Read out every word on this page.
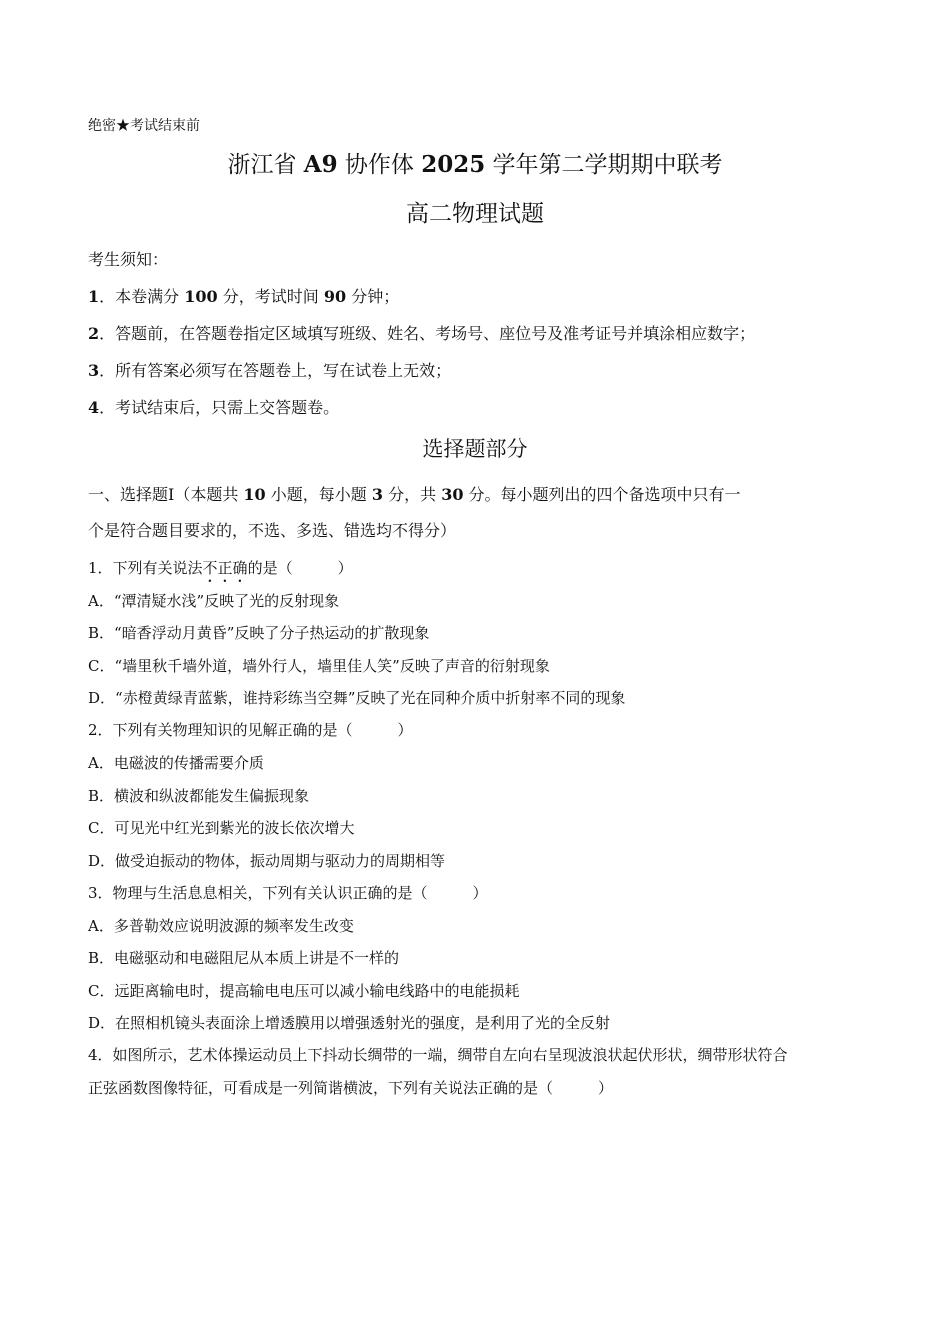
绝密★考试结束前
浙江省 A9 协作体 2025 学年第二学期期中联考
高二物理试题
考生须知：
1．本卷满分 100 分，考试时间 90 分钟；
2．答题前，在答题卷指定区域填写班级、姓名、考场号、座位号及准考证号并填涂相应数字；
3．所有答案必须写在答题卷上，写在试卷上无效；
4．考试结束后，只需上交答题卷。
选择题部分
一、选择题Ⅰ（本题共 10 小题，每小题 3 分，共 30 分。每小题列出的四个备选项中只有一
个是符合题目要求的，不选、多选、错选均不得分）
1．下列有关说法不正确的是（　　　）
A．“潭清疑水浅”反映了光的反射现象
B．“暗香浮动月黄昏”反映了分子热运动的扩散现象
C．“墙里秋千墙外道，墙外行人，墙里佳人笑”反映了声音的衍射现象
D．“赤橙黄绿青蓝紫，谁持彩练当空舞”反映了光在同种介质中折射率不同的现象
2．下列有关物理知识的见解正确的是（　　　）
A．电磁波的传播需要介质
B．横波和纵波都能发生偏振现象
C．可见光中红光到紫光的波长依次增大
D．做受迫振动的物体，振动周期与驱动力的周期相等
3．物理与生活息息相关，下列有关认识正确的是（　　　）
A．多普勒效应说明波源的频率发生改变
B．电磁驱动和电磁阻尼从本质上讲是不一样的
C．远距离输电时，提高输电电压可以减小输电线路中的电能损耗
D．在照相机镜头表面涂上增透膜用以增强透射光的强度，是利用了光的全反射
4．如图所示，艺术体操运动员上下抖动长绸带的一端，绸带自左向右呈现波浪状起伏形状，绸带形状符合
正弦函数图像特征，可看成是一列简谐横波，下列有关说法正确的是（　　　）
